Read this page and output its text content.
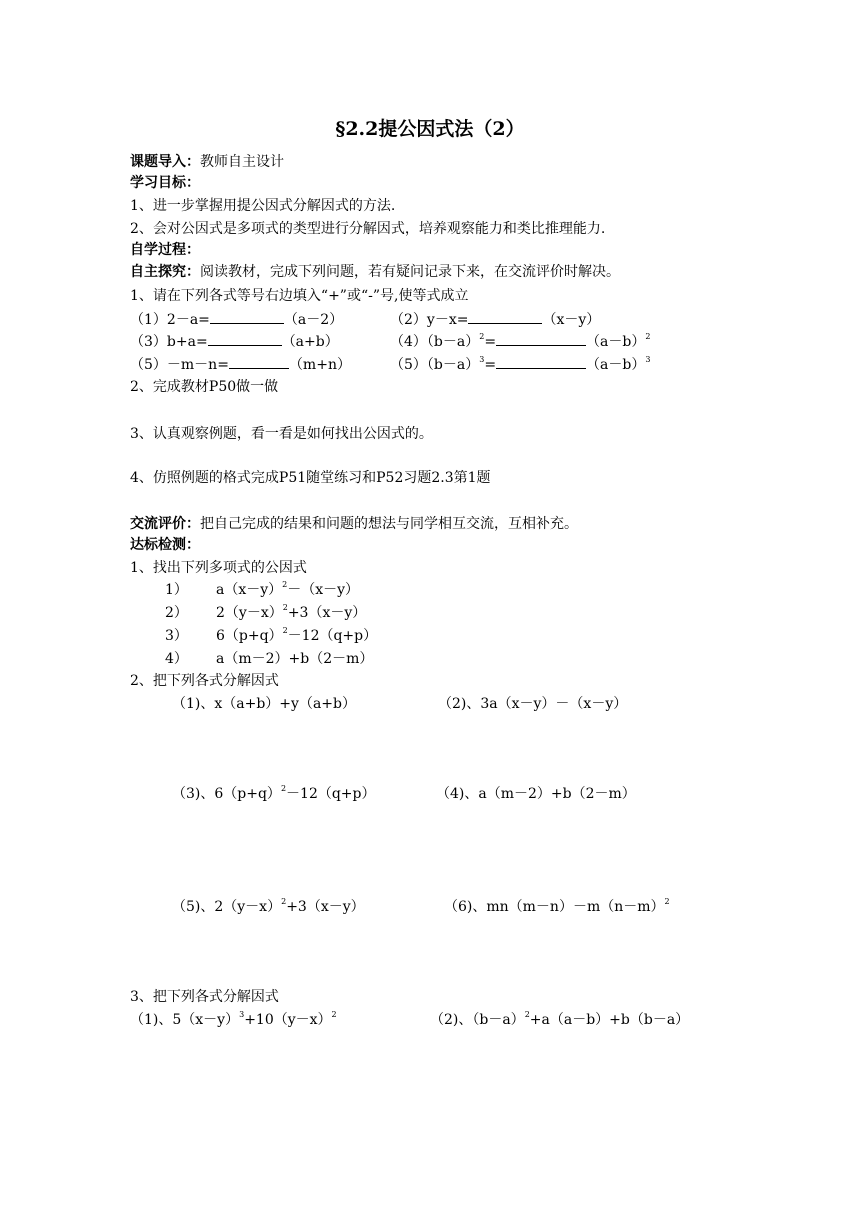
§2.2提公因式法（2）
课题导入：教师自主设计
学习目标：
1、进一步掌握用提公因式分解因式的方法.
2、会对公因式是多项式的类型进行分解因式，培养观察能力和类比推理能力.
自学过程：
自主探究：阅读教材，完成下列问题，若有疑问记录下来，在交流评价时解决。
1、请在下列各式等号右边填入“+”或“-”号,使等式成立
（1）2－a=	（a－2）	（2）y－x=	（x－y）
（3）b+a=	（a+b）	$(4)(b-a)^2=$	$(a-b)^2$
（5）－m－n=	（m+n）	$(5)(b-a)^3=$	$(a-b)^3$
2、完成教材P50做一做
3、认真观察例题，看一看是如何找出公因式的。
4、仿照例题的格式完成P51随堂练习和P52习题2.3第1题
交流评价：把自己完成的结果和问题的想法与同学相互交流，互相补充。
达标检测：
1、找出下列多项式的公因式
1） $a(x-y)^2-(x-y)$
2） $2(y-x)^2+3(x-y)$
3） $6(p+q)^2-12(q+p)$
4） a（m－2）+b（2－m）
2、把下列各式分解因式
（1)、x（a+b）+y（a+b）	（2)、3a（x－y）－（x－y）
（3)、$6(p+q)^2-12(q+p)$	（4)、a（m－2）+b（2－m）
（5)、$2(y-x)^2+3(x-y)$	（6)、$mn(m-n)-m(n-m)^2$
3、把下列各式分解因式
（1)、$5(x-y)^3+10(y-x)^2$	（2)、$(b-a)^2+a(a-b)+b(b-a)$
